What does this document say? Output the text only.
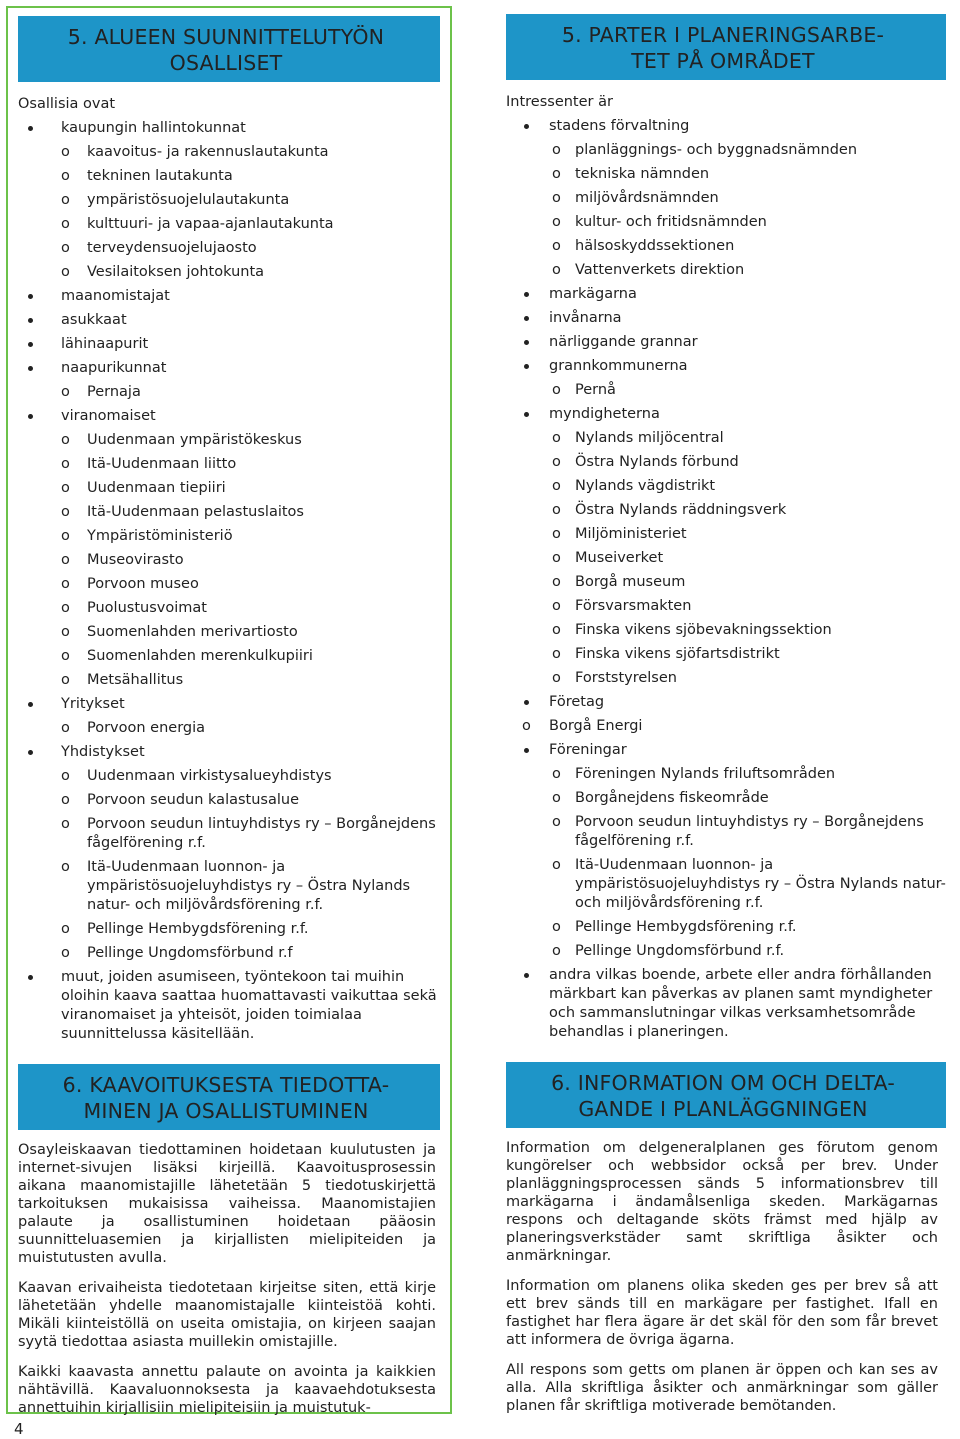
5. ALUEEN SUUNNITTELUTYÖN
OSALLISET
Osallisia ovat
kaupungin hallintokunnat
o kaavoitus- ja rakennuslautakunta
o tekninen lautakunta
o ympäristösuojelulautakunta
o kulttuuri- ja vapaa-ajanlautakunta
o terveydensuojelujaosto
o Vesilaitoksen johtokunta
maanomistajat
asukkaat
lähinaapurit
naapurikunnat
o Pernaja
viranomaiset
o Uudenmaan ympäristökeskus
o Itä-Uudenmaan liitto
o Uudenmaan tiepiiri
o Itä-Uudenmaan pelastuslaitos
o Ympäristöministeriö
o Museovirasto
o Porvoon museo
o Puolustusvoimat
o Suomenlahden merivartiosto
o Suomenlahden merenkulkupiiri
o Metsähallitus
Yritykset
o Porvoon energia
Yhdistykset
o Uudenmaan virkistysalueyhdistys
o Porvoon seudun kalastusalue
o Porvoon seudun lintuyhdistys ry – Borgånejdens fågelförening r.f.
o Itä-Uudenmaan luonnon- ja ympäristösuojeluyhdistys ry – Östra Nylands natur- och miljövårdsförening r.f.
o Pellinge Hembygdsförening r.f.
o Pellinge Ungdomsförbund r.f
muut, joiden asumiseen, työntekoon tai muihin oloihin kaava saattaa huomattavasti vaikuttaa sekä viranomaiset ja yhteisöt, joiden toimialaa suunnittelussa käsitellään.
6. KAAVOITUKSESTA TIEDOTTA-
MINEN JA OSALLISTUMINEN

Osayleiskaavan tiedottaminen hoidetaan kuulutusten ja internet-sivujen lisäksi kirjeillä. Kaavoitusprosessin aikana maanomistajille lähetetään 5 tiedotuskirjettä tarkoituksen mukaisissa vaiheissa. Maanomistajien palaute ja osallistuminen hoidetaan pääosin suunnitteluasemien ja kirjallisten mielipiteiden ja muistutusten avulla.

Kaavan erivaiheista tiedotetaan kirjeitse siten, että kirje lähetetään yhdelle maanomistajalle kiinteistöä kohti. Mikäli kiinteistöllä on useita omistajia, on kirjeen saajan syytä tiedottaa asiasta muillekin omistajille.

Kaikki kaavasta annettu palaute on avointa ja kaikkien nähtävillä. Kaavaluonnoksesta ja kaavaehdotuksesta annettuihin kirjallisiin mielipiteisiin ja muistutuk-

5. PARTER I PLANERINGSARBE-
TET PÅ OMRÅDET
Intressenter är
stadens förvaltning
o planläggnings- och byggnadsnämnden
o tekniska nämnden
o miljövårdsnämnden
o kultur- och fritidsnämnden
o hälsoskyddssektionen
o Vattenverkets direktion
markägarna
invånarna
närliggande grannar
grannkommunerna
o Pernå
myndigheterna
o Nylands miljöcentral
o Östra Nylands förbund
o Nylands vägdistrikt
o Östra Nylands räddningsverk
o Miljöministeriet
o Museiverket
o Borgå museum
o Försvarsmakten
o Finska vikens sjöbevakningssektion
o Finska vikens sjöfartsdistrikt
o Forststyrelsen
Företag
o Borgå Energi
Föreningar
o Föreningen Nylands friluftsområden
o Borgånejdens fiskeområde
o Porvoon seudun lintuyhdistys ry – Borgånejdens fågelförening r.f.
o Itä-Uudenmaan luonnon- ja ympäristösuojeluyhdistys ry – Östra Nylands natur- och miljövårdsförening r.f.
o Pellinge Hembygdsförening r.f.
o Pellinge Ungdomsförbund r.f.
andra vilkas boende, arbete eller andra förhållanden märkbart kan påverkas av planen samt myndigheter och sammanslutningar vilkas verksamhetsområde behandlas i planeringen.
6. INFORMATION OM OCH DELTA-
GANDE I PLANLÄGGNINGEN

Information om delgeneralplanen ges förutom genom kungörelser och webbsidor också per brev. Under planläggningsprocessen sänds 5 informationsbrev till markägarna i ändamålsenliga skeden. Markägarnas respons och deltagande sköts främst med hjälp av planeringsverkstäder samt skriftliga åsikter och anmärkningar.

Information om planens olika skeden ges per brev så att ett brev sänds till en markägare per fastighet. Ifall en fastighet har flera ägare är det skäl för den som får brevet att informera de övriga ägarna.

All respons som getts om planen är öppen och kan ses av alla. Alla skriftliga åsikter och anmärkningar som gäller planen får skriftliga motiverade bemötanden.

4
